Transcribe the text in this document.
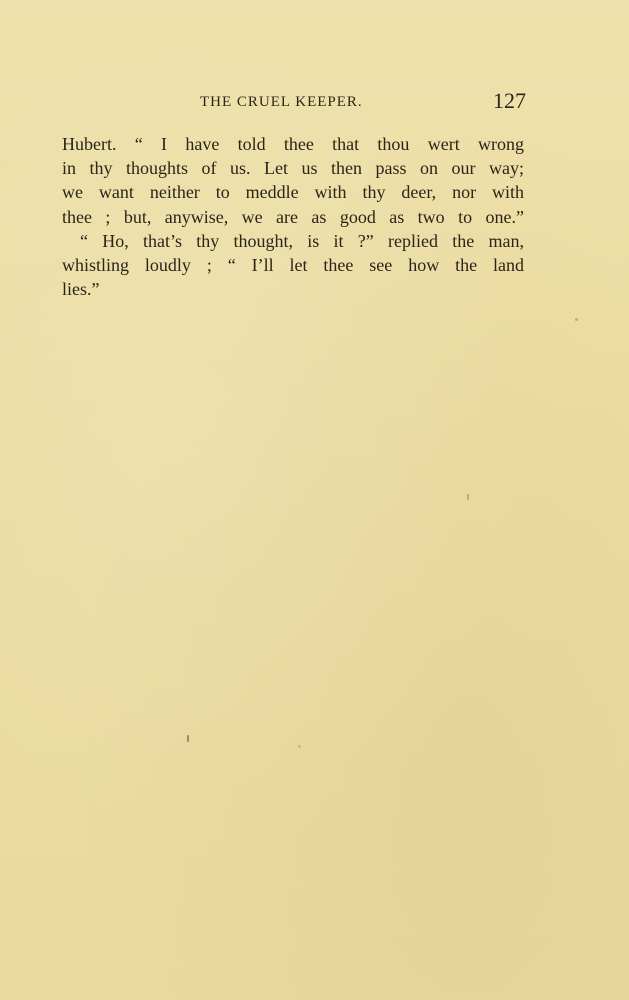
THE CRUEL KEEPER.	127
Hubert. “ I have told thee that thou wert wrong
in thy thoughts of us. Let us then pass on our way;
we want neither to meddle with thy deer, nor with
thee ; but, anywise, we are as good as two to one.”
“ Ho, that’s thy thought, is it ?” replied the man,
whistling loudly ; “ I’ll let thee see how the land
lies.”
